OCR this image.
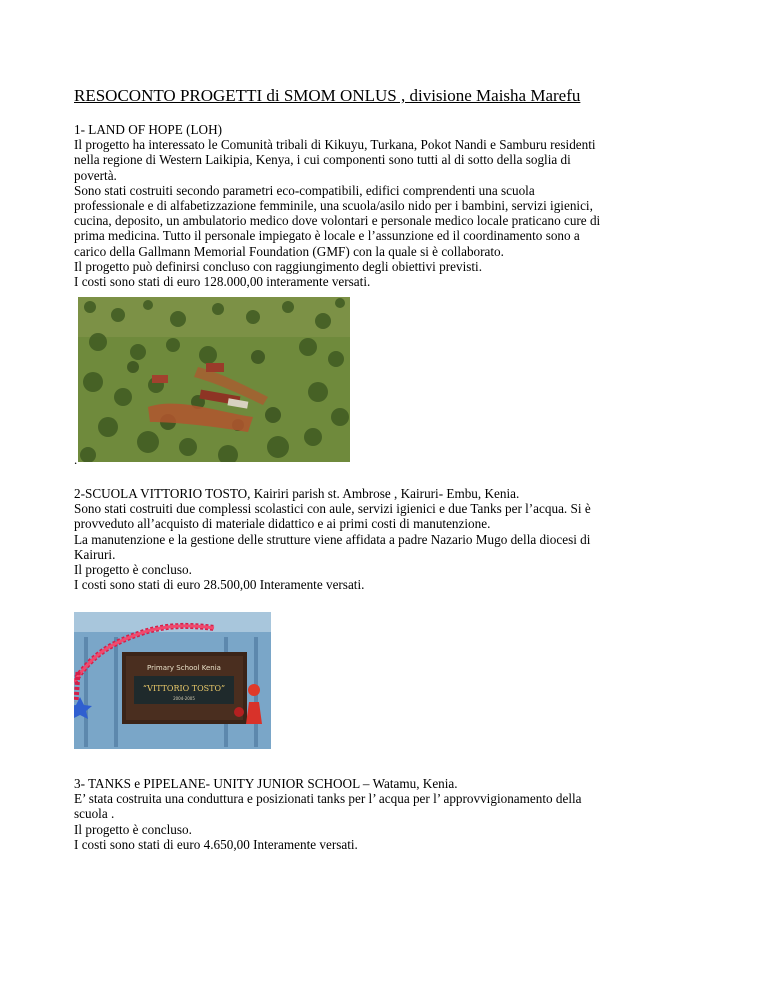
RESOCONTO PROGETTI di SMOM ONLUS , divisione Maisha Marefu

1- LAND OF HOPE (LOH)

Il progetto ha interessato le Comunità tribali di Kikuyu, Turkana, Pokot Nandi e Samburu residenti

nella regione di Western Laikipia, Kenya, i cui componenti sono tutti al di sotto della soglia di

povertà.

Sono stati costruiti secondo parametri eco-compatibili, edifici comprendenti una scuola

professionale e di alfabetizzazione femminile, una scuola/asilo nido per i bambini, servizi igienici,

cucina, deposito, un ambulatorio medico dove volontari e personale medico locale praticano cure di

prima medicina. Tutto il personale impiegato è locale e l’assunzione ed il coordinamento sono a

carico della Gallmann Memorial Foundation (GMF) con la quale si è collaborato.

Il progetto può definirsi concluso con raggiungimento degli obiettivi previsti.

I costi sono stati di euro 128.000,00 interamente versati.

.

2-SCUOLA VITTORIO TOSTO, Kairiri parish st. Ambrose , Kairuri- Embu, Kenia.

Sono stati costruiti due complessi scolastici con aule, servizi igienici e due Tanks per l’acqua. Si è

provveduto all’acquisto di materiale didattico e ai primi costi di manutenzione.

La manutenzione e la gestione delle strutture viene affidata a padre Nazario Mugo della diocesi di

Kairuri.

Il progetto è concluso.

I costi sono stati di euro 28.500,00 Interamente versati.

Primary School Kenia
“VITTORIO TOSTO”
2004-2005

3- TANKS e PIPELANE- UNITY JUNIOR SCHOOL – Watamu, Kenia.

E’ stata costruita una conduttura e posizionati tanks per l’ acqua per l’ approvvigionamento della

scuola .

Il progetto è concluso.

I costi sono stati di euro 4.650,00 Interamente versati.
